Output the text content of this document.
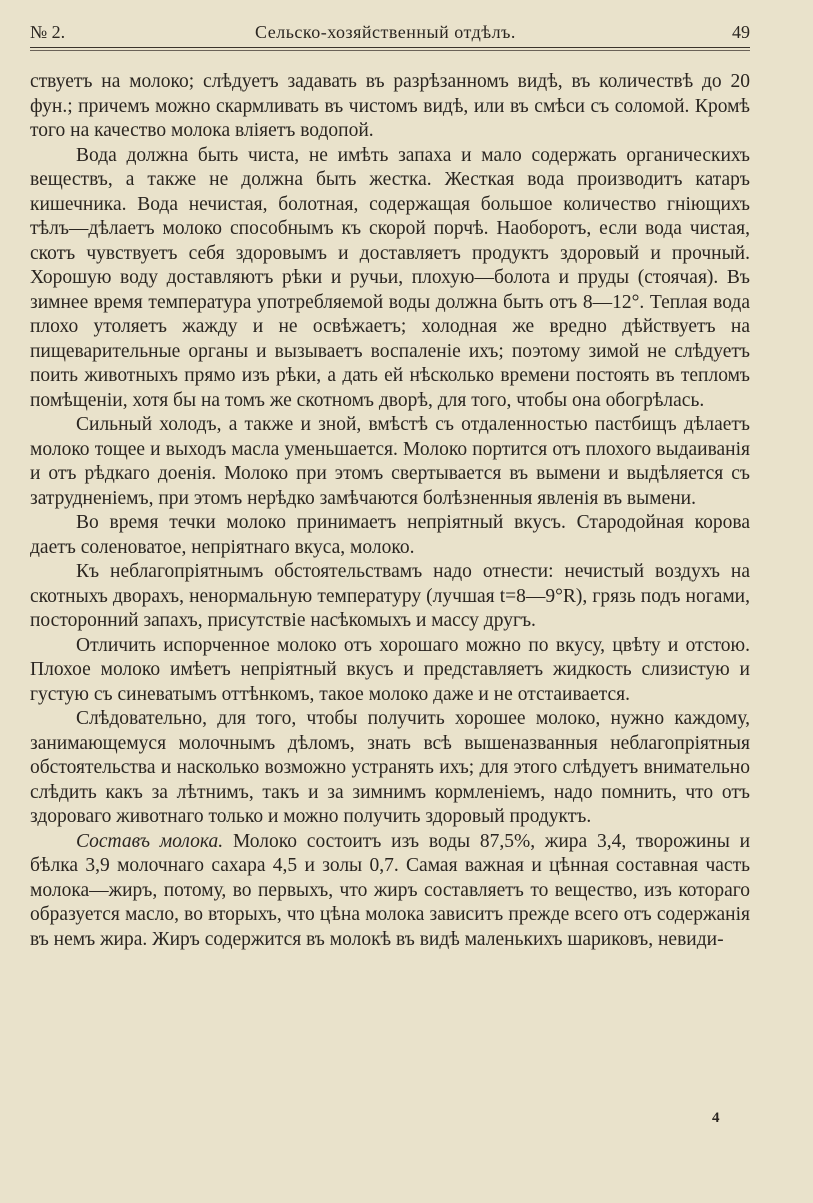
№ 2.	Сельско-хозяйственный отдѣлъ.	49

ствуетъ на молоко; слѣдуетъ задавать въ разрѣзанномъ видѣ, въ количествѣ до 20 фун.; причемъ можно скармливать въ чистомъ видѣ, или въ смѣси съ соломой. Кромѣ того на качество молока влiяетъ водопой.

Вода должна быть чиста, не имѣть запаха и мало содержать органическихъ веществъ, а также не должна быть жестка. Жесткая вода производитъ катаръ кишечника. Вода нечистая, болотная, содержащая большое количество гнiющихъ тѣлъ—дѣлаетъ молоко способнымъ къ скорой порчѣ. Наоборотъ, если вода чистая, скотъ чувствуетъ себя здоровымъ и доставляетъ продуктъ здоровый и прочный. Хорошую воду доставляютъ рѣки и ручьи, плохую—болота и пруды (стоячая). Въ зимнее время температура употребляемой воды должна быть отъ 8—12°. Теплая вода плохо утоляетъ жажду и не освѣжаетъ; холодная же вредно дѣйствуетъ на пищеварительные органы и вызываетъ воспаленiе ихъ; поэтому зимой не слѣдуетъ поить животныхъ прямо изъ рѣки, а дать ей нѣсколько времени постоять въ тепломъ помѣщенiи, хотя бы на томъ же скотномъ дворѣ, для того, чтобы она обогрѣлась.

Сильный холодъ, а также и зной, вмѣстѣ съ отдаленностью пастбищъ дѣлаетъ молоко тощее и выходъ масла уменьшается. Молоко портится отъ плохого выдаиванiя и отъ рѣдкаго доенiя. Молоко при этомъ свертывается въ вымени и выдѣляется съ затрудненiемъ, при этомъ нерѣдко замѣчаются болѣзненныя явленiя въ вымени.

Во время течки молоко принимаетъ непрiятный вкусъ. Стародойная корова даетъ соленоватое, непрiятнаго вкуса, молоко.

Къ неблагопрiятнымъ обстоятельствамъ надо отнести: нечистый воздухъ на скотныхъ дворахъ, ненормальную температуру (лучшая t=8—9°R), грязь подъ ногами, посторонний запахъ, присутствiе насѣкомыхъ и массу другъ.

Отличить испорченное молоко отъ хорошаго можно по вкусу, цвѣту и отстою. Плохое молоко имѣетъ непрiятный вкусъ и представляетъ жидкость слизистую и густую съ синеватымъ оттѣнкомъ, такое молоко даже и не отстаивается.

Слѣдовательно, для того, чтобы получить хорошее молоко, нужно каждому, занимающемуся молочнымъ дѣломъ, знать всѣ вышеназванныя неблагопрiятныя обстоятельства и насколько возможно устранять ихъ; для этого слѣдуетъ внимательно слѣдить какъ за лѣтнимъ, такъ и за зимнимъ кормленiемъ, надо помнить, что отъ здороваго животнаго только и можно получить здоровый продуктъ.

Составъ молока. Молоко состоитъ изъ воды 87,5%, жира 3,4, творожины и бѣлка 3,9 молочнаго сахара 4,5 и золы 0,7. Самая важная и цѣнная составная часть молока—жиръ, потому, во первыхъ, что жиръ составляетъ то вещество, изъ котораго образуется масло, во вторыхъ, что цѣна молока зависитъ прежде всего отъ содержанiя въ немъ жира. Жиръ содержится въ молокѣ въ видѣ маленькихъ шариковъ, невиди-

4
